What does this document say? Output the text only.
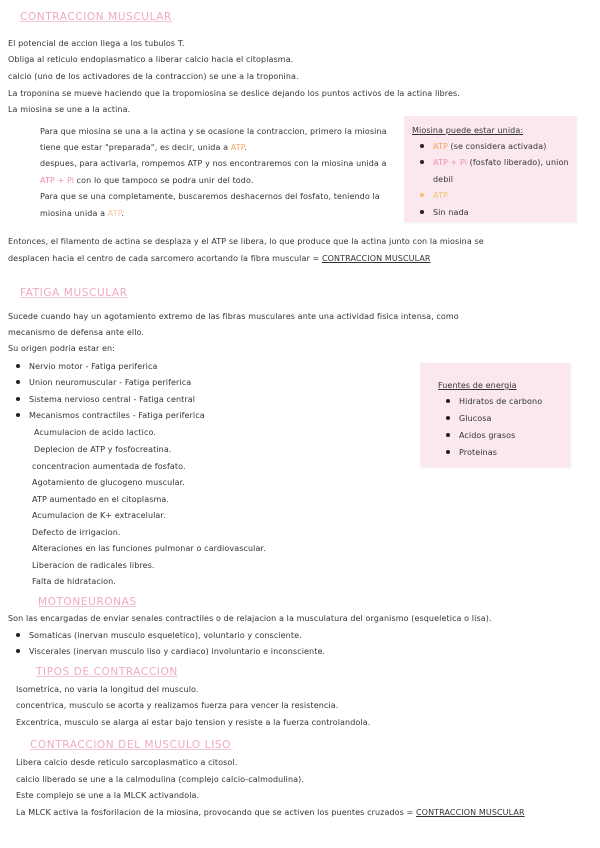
CONTRACCION MUSCULAR
El potencial de accion llega a los tubulos T.
Obliga al reticulo endoplasmatico a liberar calcio hacia el citoplasma.
calcio (uno de los activadores de la contraccion) se une a la troponina.
La troponina se mueve haciendo que la tropomiosina se deslice dejando los puntos activos de la actina libres.
La miosina se une a la actina.
Para que miosina se una a la actina y se ocasione la contraccion, primero la miosina
tiene que estar "preparada", es decir, unida a ATP.
despues, para activarla, rompemos ATP y nos encontraremos con la miosina unida a
ATP + Pi con lo que tampoco se podra unir del todo.
Para que se una completamente, buscaremos deshacernos del fosfato, teniendo la
miosina unida a ATP.
Miosina puede estar unida:
ATP (se considera activada)
ATP + Pi (fosfato liberado), union
debil
ATP
Sin nada
Entonces, el filamento de actina se desplaza y el ATP se libera, lo que produce que la actina junto con la miosina se
desplacen hacia el centro de cada sarcomero acortando la fibra muscular = CONTRACCION MUSCULAR
FATIGA MUSCULAR
Sucede cuando hay un agotamiento extremo de las fibras musculares ante una actividad fisica intensa, como
mecanismo de defensa ante ello.
Su origen podria estar en:
Nervio motor - Fatiga periferica
Union neuromuscular - Fatiga periferica
Sistema nervioso central - Fatiga central
Mecanismos contractiles - Fatiga periferica
Acumulacion de acido lactico.
Deplecion de ATP y fosfocreatina.
concentracion aumentada de fosfato.
Agotamiento de glucogeno muscular.
ATP aumentado en el citoplasma.
Acumulacion de K+ extracelular.
Defecto de irrigacion.
Alteraciones en las funciones pulmonar o cardiovascular.
Liberacion de radicales libres.
Falta de hidratacion.
Fuentes de energia
Hidratos de carbono
Glucosa
Acidos grasos
Proteinas
MOTONEURONAS
Son las encargadas de enviar senales contractiles o de relajacion a la musculatura del organismo (esqueletica o lisa).
Somaticas (inervan musculo esqueletico), voluntario y consciente.
Viscerales (inervan musculo liso y cardiaco) involuntario e inconsciente.
TIPOS DE CONTRACCION
Isometrica, no varia la longitud del musculo.
concentrica, musculo se acorta y realizamos fuerza para vencer la resistencia.
Excentrica, musculo se alarga al estar bajo tension y resiste a la fuerza controlandola.
CONTRACCION DEL MUSCULO LISO
Libera calcio desde reticulo sarcoplasmatico a citosol.
calcio liberado se une a la calmodulina (complejo calcio-calmodulina).
Este complejo se une a la MLCK activandola.
La MLCK activa la fosforilacion de la miosina, provocando que se activen los puentes cruzados = CONTRACCION MUSCULAR
